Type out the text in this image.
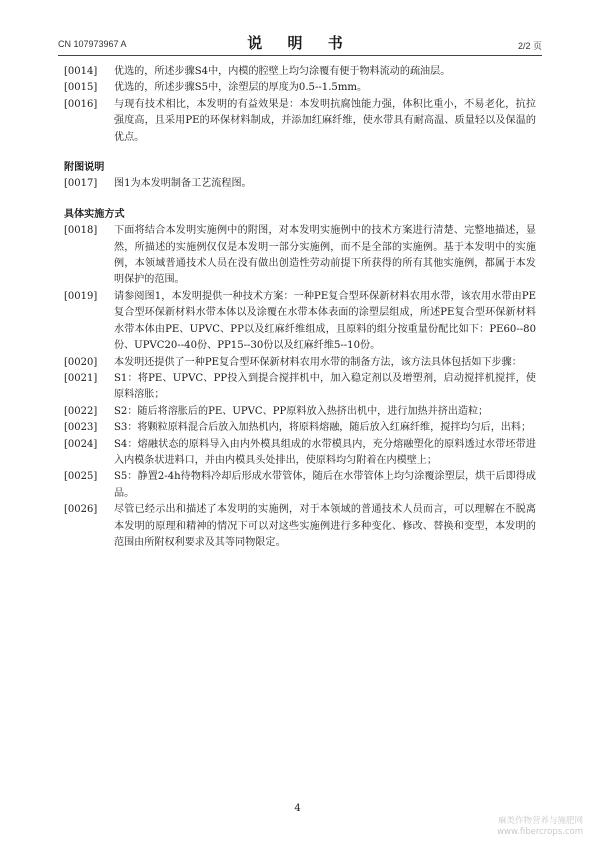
CN 107973967 A	说 明 书	2/2 页
[0014]	优选的，所述步骤S4中，内模的腔壁上均匀涂覆有便于物料流动的疏油层。
[0015]	优选的，所述步骤S5中，涂塑层的厚度为0.5--1.5mm。
[0016]	与现有技术相比，本发明的有益效果是：本发明抗腐蚀能力强，体积比重小，不易老化，抗拉强度高，且采用PE的环保材料制成，并添加红麻纤维，使水带具有耐高温、质量轻以及保温的优点。

附图说明

[0017]	图1为本发明制备工艺流程图。

具体实施方式

[0018]	下面将结合本发明实施例中的附图，对本发明实施例中的技术方案进行清楚、完整地描述，显然，所描述的实施例仅仅是本发明一部分实施例，而不是全部的实施例。基于本发明中的实施例，本领域普通技术人员在没有做出创造性劳动前提下所获得的所有其他实施例，都属于本发明保护的范围。
[0019]	请参阅图1，本发明提供一种技术方案：一种PE复合型环保新材料农用水带，该农用水带由PE复合型环保新材料水带本体以及涂覆在水带本体表面的涂塑层组成，所述PE复合型环保新材料水带本体由PE、UPVC、PP以及红麻纤维组成，且原料的组分按重量份配比如下：PE60--80份、UPVC20--40份、PP15--30份以及红麻纤维5--10份。
[0020]	本发明还提供了一种PE复合型环保新材料农用水带的制备方法，该方法具体包括如下步骤：
[0021]	S1：将PE、UPVC、PP投入到提合搅拌机中，加入稳定剂以及增塑剂，启动搅拌机搅拌，使原料溶胀；
[0022]	S2：随后将溶胀后的PE、UPVC、PP原料放入热挤出机中，进行加热并挤出造粒；
[0023]	S3：将颗粒原料混合后放入加热机内，将原料熔融，随后放入红麻纤维，搅拌均匀后，出料；
[0024]	S4：熔融状态的原料导入由内外模具组成的水带模具内，充分熔融塑化的原料透过水带坯带进入内模条状进料口，并由内模具头处排出，使原料均匀附着在内模壁上；
[0025]	S5：静置2-4h待物料冷却后形成水带管体，随后在水带管体上均匀涂覆涂塑层，烘干后即得成品。
[0026]	尽管已经示出和描述了本发明的实施例，对于本领域的普通技术人员而言，可以理解在不脱离本发明的原理和精神的情况下可以对这些实施例进行多种变化、修改、替换和变型，本发明的范围由所附权利要求及其等同物限定。
4
麻类作物营养与施肥网
www.fibercrops.com
